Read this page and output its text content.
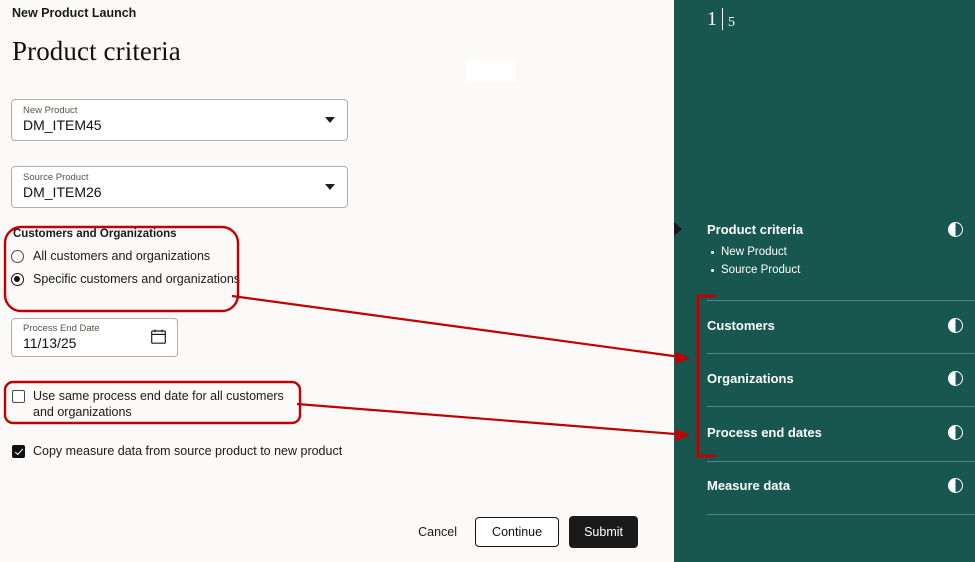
New Product Launch
Product criteria
New Product
DM_ITEM45
Source Product
DM_ITEM26
Customers and Organizations
All customers and organizations
Specific customers and organizations
Process End Date
11/13/25
Use same process end date for all customers and organizations
Copy measure data from source product to new product
Cancel	Continue	Submit
1 5
Product criteria
New Product
Source Product
Customers
Organizations
Process end dates
Measure data
